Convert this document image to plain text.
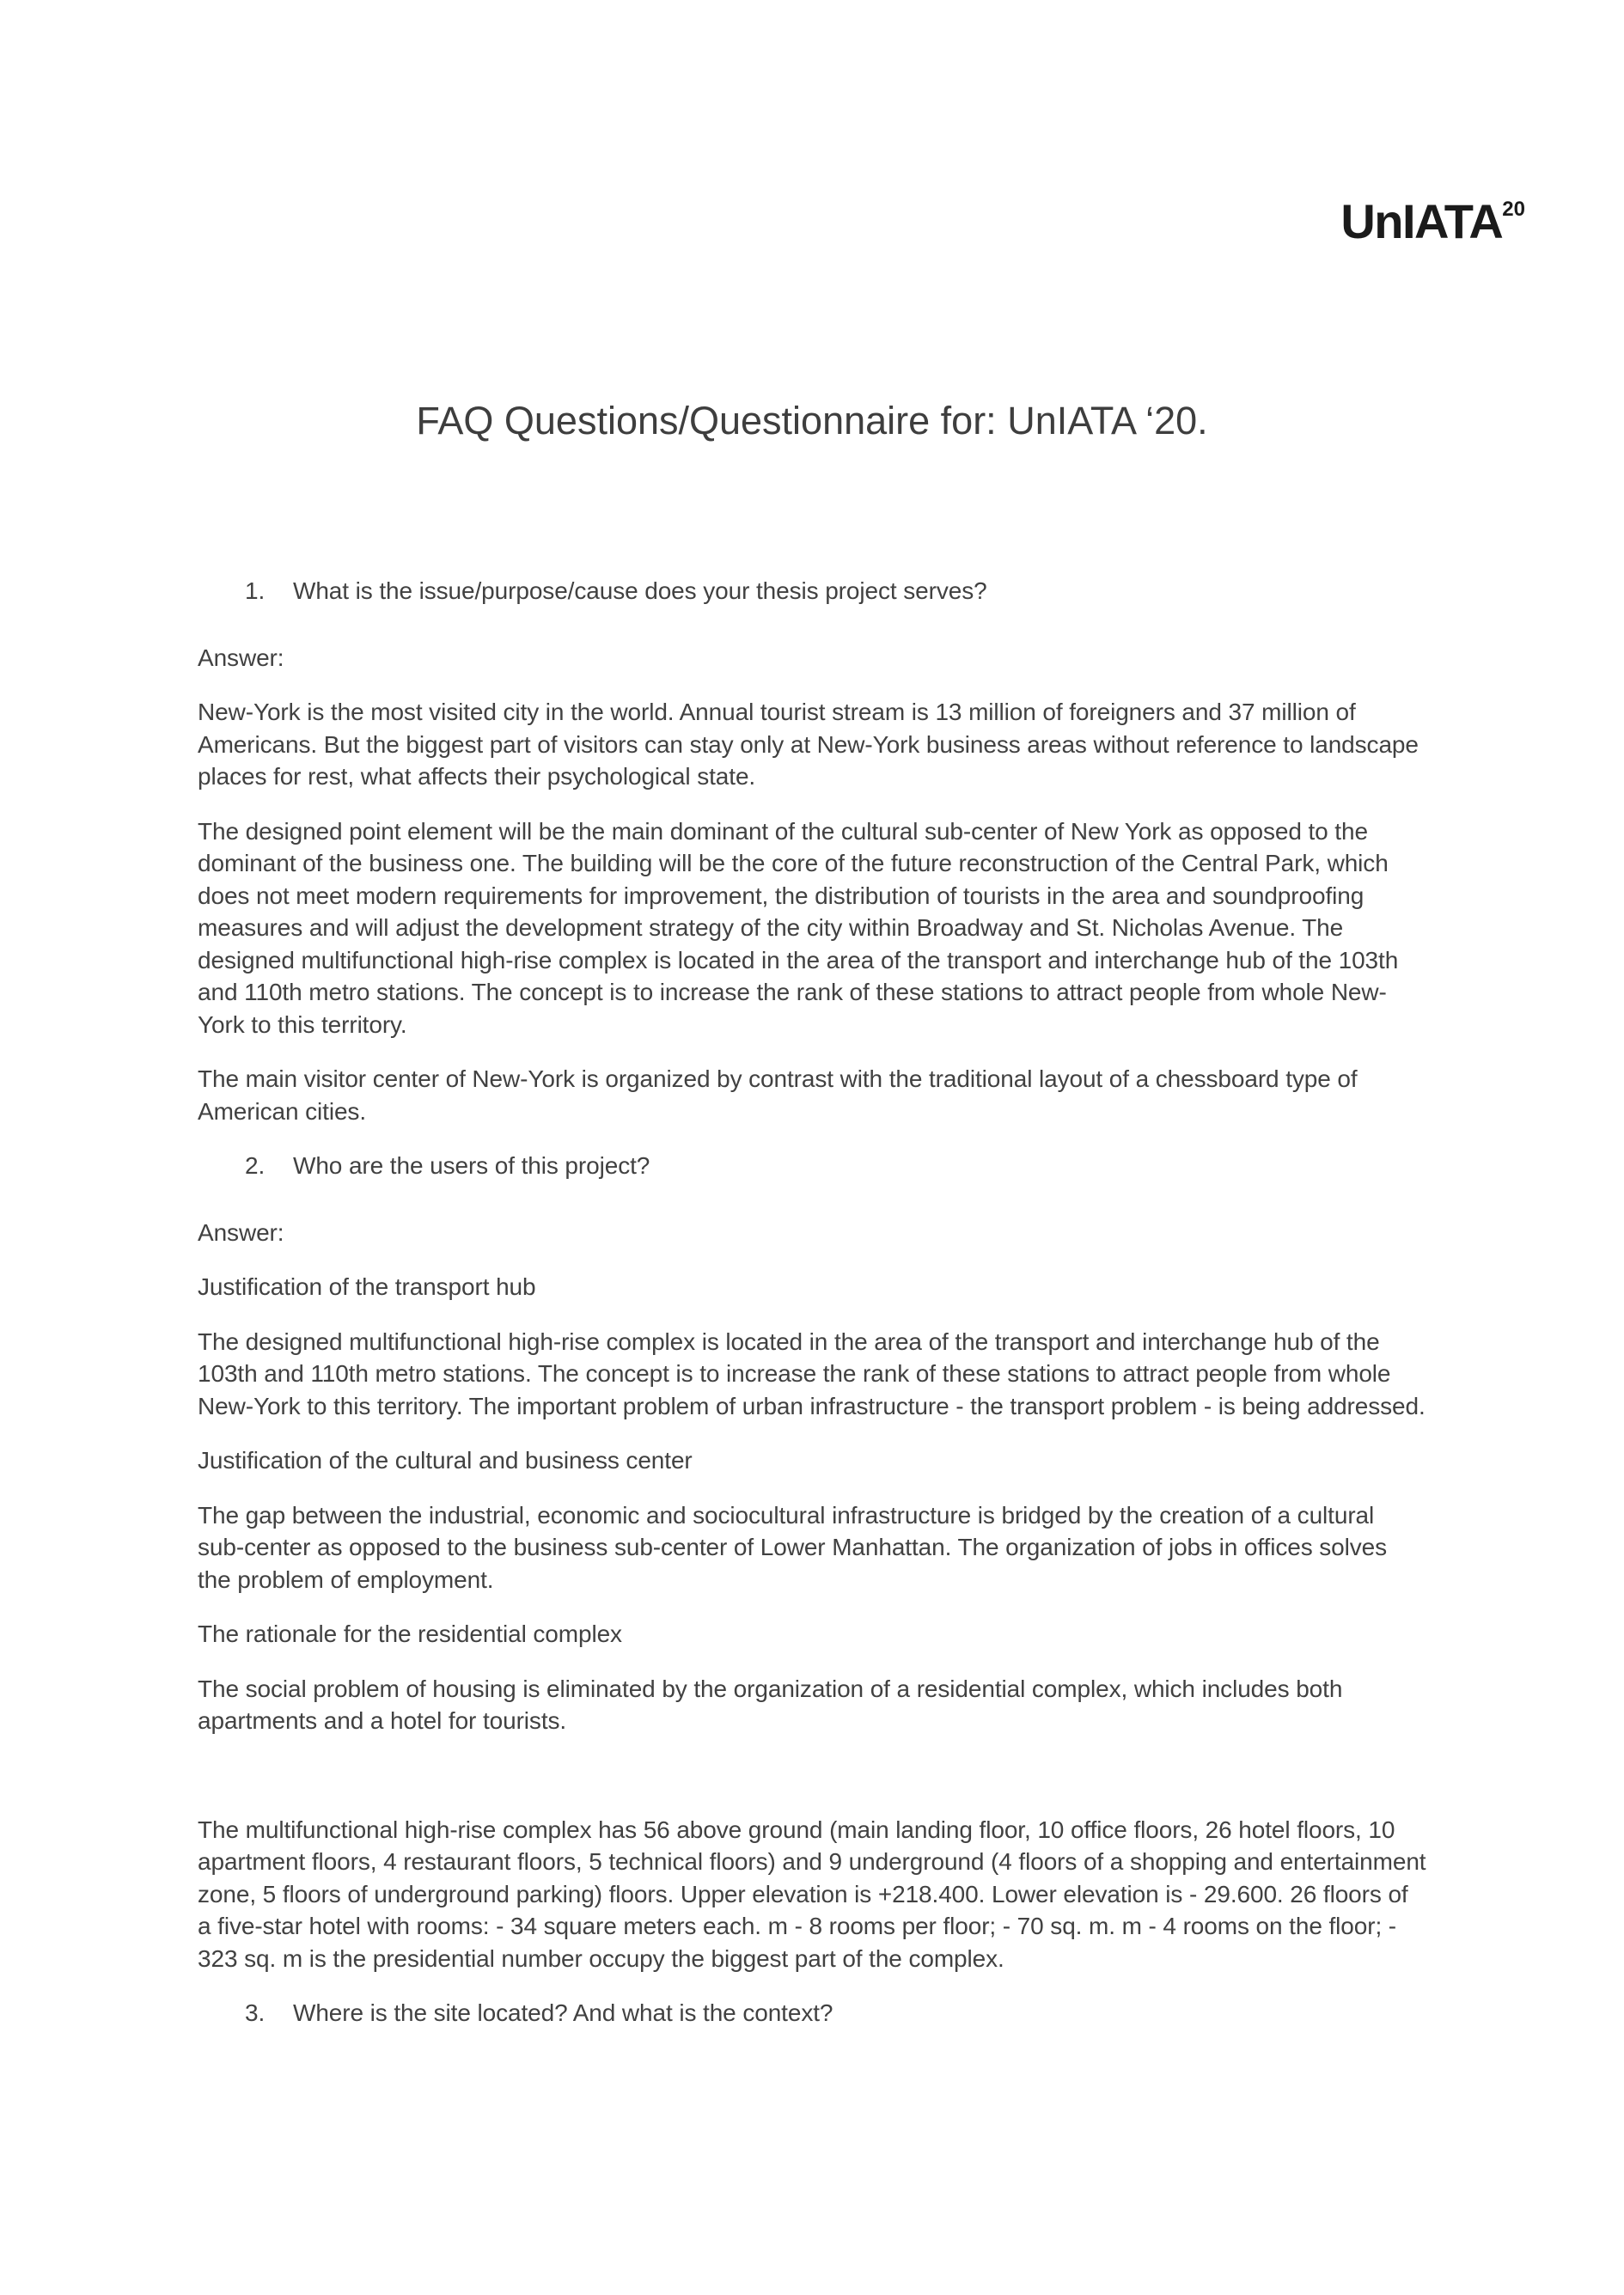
UnIATA$^{20}$
FAQ Questions/Questionnaire for: UnIATA ‘20.
1.	What is the issue/purpose/cause does your thesis project serves?

Answer:

New-York is the most visited city in the world. Annual tourist stream is 13 million of foreigners and 37 million of Americans. But the biggest part of visitors can stay only at New-York business areas without reference to landscape places for rest, what affects their psychological state.

The designed point element will be the main dominant of the cultural sub-center of New York as opposed to the dominant of the business one. The building will be the core of the future reconstruction of the Central Park, which does not meet modern requirements for improvement, the distribution of tourists in the area and soundproofing measures and will adjust the development strategy of the city within Broadway and St. Nicholas Avenue. The designed multifunctional high-rise complex is located in the area of the transport and interchange hub of the 103th and 110th metro stations. The concept is to increase the rank of these stations to attract people from whole New-York to this territory.

The main visitor center of New-York is organized by contrast with the traditional layout of a chessboard type of American cities.

2.	Who are the users of this project?

Answer:

Justification of the transport hub

The designed multifunctional high-rise complex is located in the area of the transport and interchange hub of the 103th and 110th metro stations. The concept is to increase the rank of these stations to attract people from whole New-York to this territory. The important problem of urban infrastructure - the transport problem - is being addressed.

Justification of the cultural and business center

The gap between the industrial, economic and sociocultural infrastructure is bridged by the creation of a cultural sub-center as opposed to the business sub-center of Lower Manhattan. The organization of jobs in offices solves the problem of employment.

The rationale for the residential complex

The social problem of housing is eliminated by the organization of a residential complex, which includes both apartments and a hotel for tourists.

The multifunctional high-rise complex has 56 above ground (main landing floor, 10 office floors, 26 hotel floors, 10 apartment floors, 4 restaurant floors, 5 technical floors) and 9 underground (4 floors of a shopping and entertainment zone, 5 floors of underground parking) floors. Upper elevation is +218.400. Lower elevation is - 29.600. 26 floors of a five-star hotel with rooms: - 34 square meters each. m - 8 rooms per floor; - 70 sq. m. m - 4 rooms on the floor; - 323 sq. m is the presidential number occupy the biggest part of the complex.

3.	Where is the site located? And what is the context?
